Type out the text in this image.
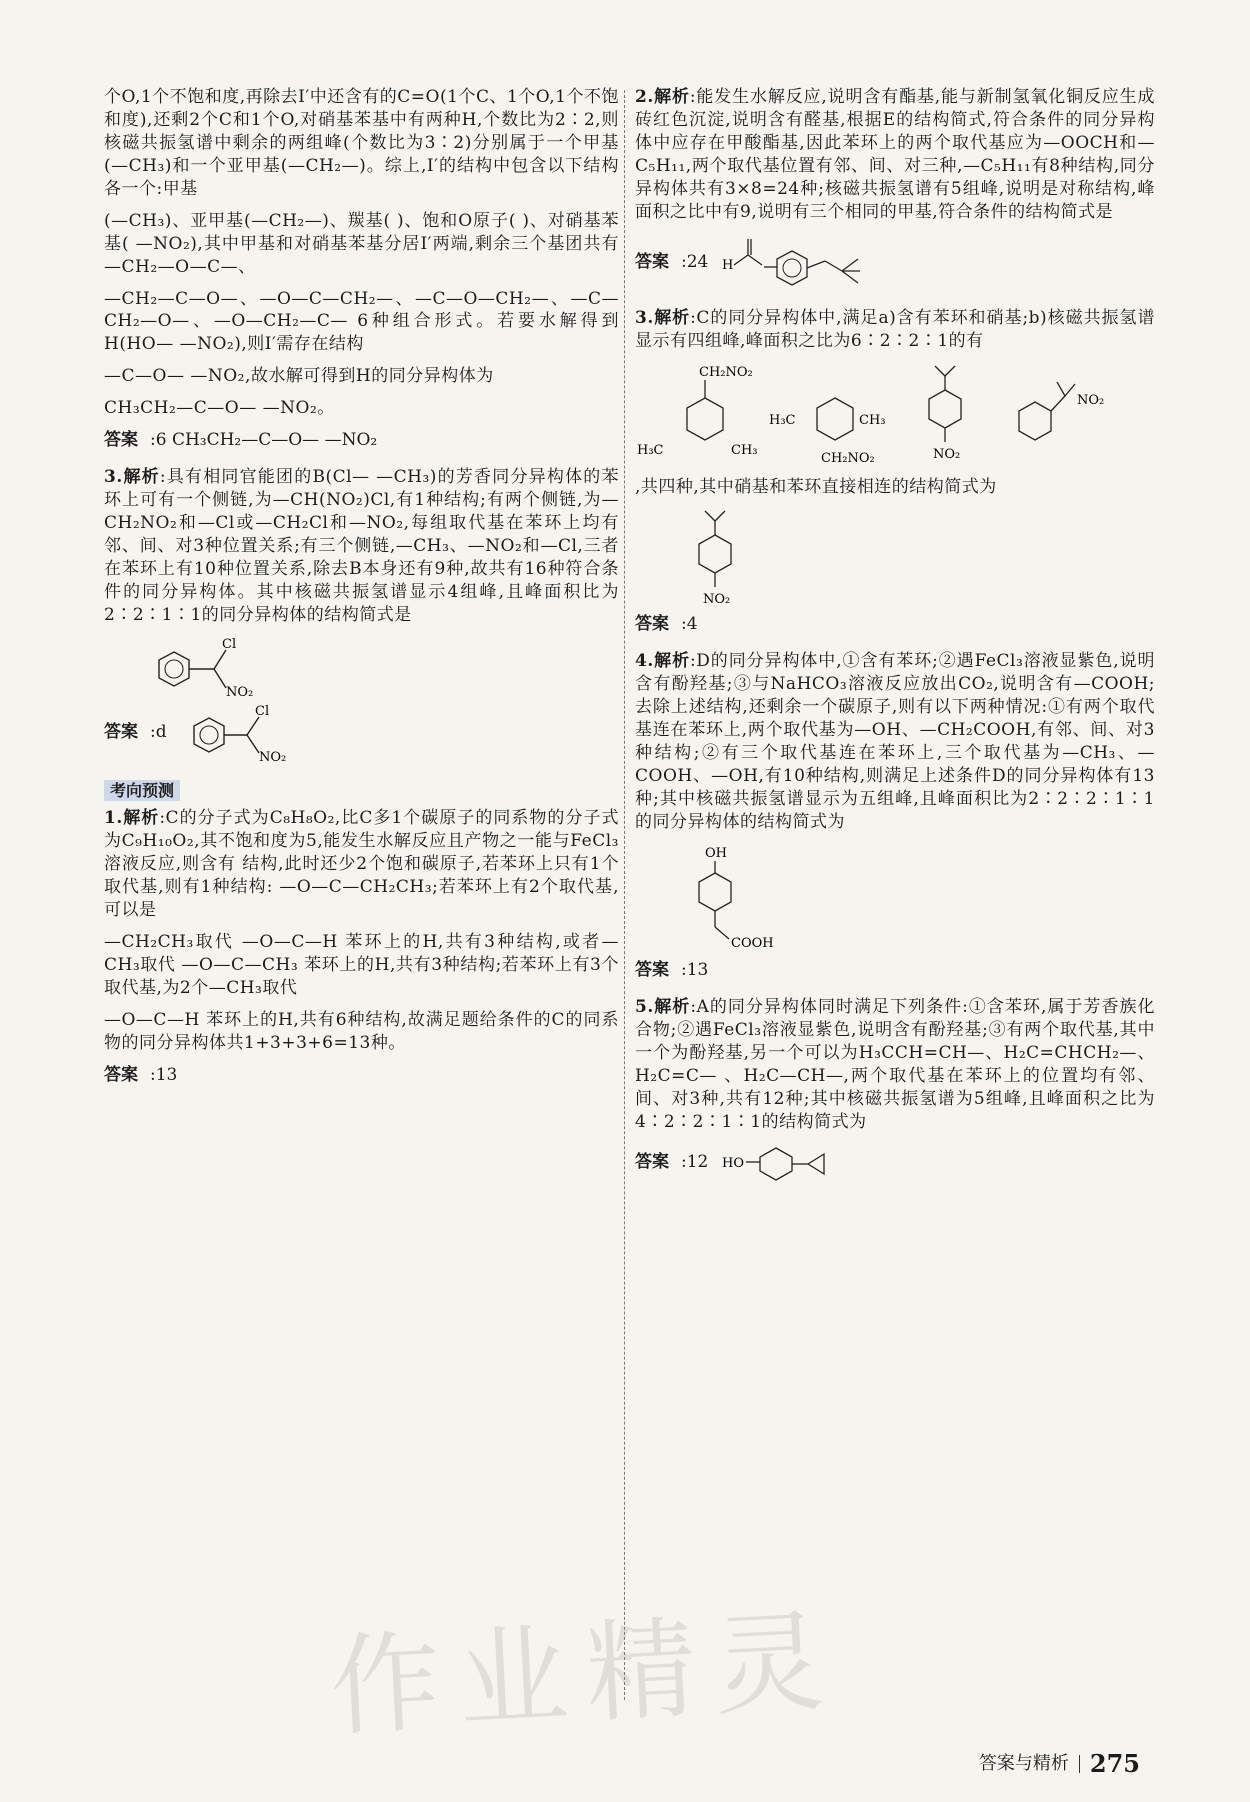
个O,1个不饱和度,再除去I′中还含有的C=O(1个C、1个O,1个不饱和度),还剩2个C和1个O,对硝基苯基中有两种H,个数比为2∶2,则核磁共振氢谱中剩余的两组峰(个数比为3∶2)分别属于一个甲基(—CH₃)和一个亚甲基(—CH₂—)。综上,I′的结构中包含以下结构各一个:甲基

(—CH₃)、亚甲基(—CH₂—)、羰基( )、饱和O原子( )、对硝基苯基( —NO₂),其中甲基和对硝基苯基分居I′两端,剩余三个基团共有 —CH₂—O—C—、

—CH₂—C—O—、—O—C—CH₂—、—C—O—CH₂—、—C—CH₂—O—、—O—CH₂—C— 6种组合形式。若要水解得到H(HO— —NO₂),则I′需存在结构

—C—O— —NO₂,故水解可得到H的同分异构体为

CH₃CH₂—C—O— —NO₂。

答案 :6 CH₃CH₂—C—O— —NO₂

3.解析:具有相同官能团的B(Cl— —CH₃)的芳香同分异构体的苯环上可有一个侧链,为—CH(NO₂)Cl,有1种结构;有两个侧链,为—CH₂NO₂和—Cl或—CH₂Cl和—NO₂,每组取代基在苯环上均有邻、间、对3种位置关系;有三个侧链,—CH₃、—NO₂和—Cl,三者在苯环上有10种位置关系,除去B本身还有9种,故共有16种符合条件的同分异构体。其中核磁共振氢谱显示4组峰,且峰面积比为2∶2∶1∶1的同分异构体的结构简式是

Cl
NO₂
答案 :d
Cl
NO₂
考向预测

1.解析:C的分子式为C₈H₈O₂,比C多1个碳原子的同系物的分子式为C₉H₁₀O₂,其不饱和度为5,能发生水解反应且产物之一能与FeCl₃溶液反应,则含有 结构,此时还少2个饱和碳原子,若苯环上只有1个取代基,则有1种结构: —O—C—CH₂CH₃;若苯环上有2个取代基,可以是

—CH₂CH₃取代 —O—C—H 苯环上的H,共有3种结构,或者—CH₃取代 —O—C—CH₃ 苯环上的H,共有3种结构;若苯环上有3个取代基,为2个—CH₃取代

—O—C—H 苯环上的H,共有6种结构,故满足题给条件的C的同系物的同分异构体共1+3+3+6=13种。

答案 :13

2.解析:能发生水解反应,说明含有酯基,能与新制氢氧化铜反应生成砖红色沉淀,说明含有醛基,根据E的结构简式,符合条件的同分异构体中应存在甲酸酯基,因此苯环上的两个取代基应为—OOCH和—C₅H₁₁,两个取代基位置有邻、间、对三种,—C₅H₁₁有8种结构,同分异构体共有3×8=24种;核磁共振氢谱有5组峰,说明是对称结构,峰面积之比中有9,说明有三个相同的甲基,符合条件的结构简式是

答案 :24 H

3.解析:C的同分异构体中,满足a)含有苯环和硝基;b)核磁共振氢谱显示有四组峰,峰面积之比为6∶2∶2∶1的有

CH₂NO₂
H₃C	CH₃
H₃C	CH₃
CH₂NO₂	NO₂
NO₂

,共四种,其中硝基和苯环直接相连的结构简式为

NO₂
答案 :4

4.解析:D的同分异构体中,①含有苯环;②遇FeCl₃溶液显紫色,说明含有酚羟基;③与NaHCO₃溶液反应放出CO₂,说明含有—COOH;去除上述结构,还剩余一个碳原子,则有以下两种情况:①有两个取代基连在苯环上,两个取代基为—OH、—CH₂COOH,有邻、间、对3种结构;②有三个取代基连在苯环上,三个取代基为—CH₃、—COOH、—OH,有10种结构,则满足上述条件D的同分异构体有13种;其中核磁共振氢谱显示为五组峰,且峰面积比为2∶2∶2∶1∶1的同分异构体的结构简式为

OH
COOH
答案 :13

5.解析:A的同分异构体同时满足下列条件:①含苯环,属于芳香族化合物;②遇FeCl₃溶液显紫色,说明含有酚羟基;③有两个取代基,其中一个为酚羟基,另一个可以为H₃CCH=CH—、H₂C=CHCH₂—、H₂C=C— 、H₂C—CH—,两个取代基在苯环上的位置均有邻、间、对3种,共有12种;其中核磁共振氢谱为5组峰,且峰面积之比为4∶2∶2∶1∶1的结构简式为

答案 :12 HO
作业精灵
答案与精析 275
